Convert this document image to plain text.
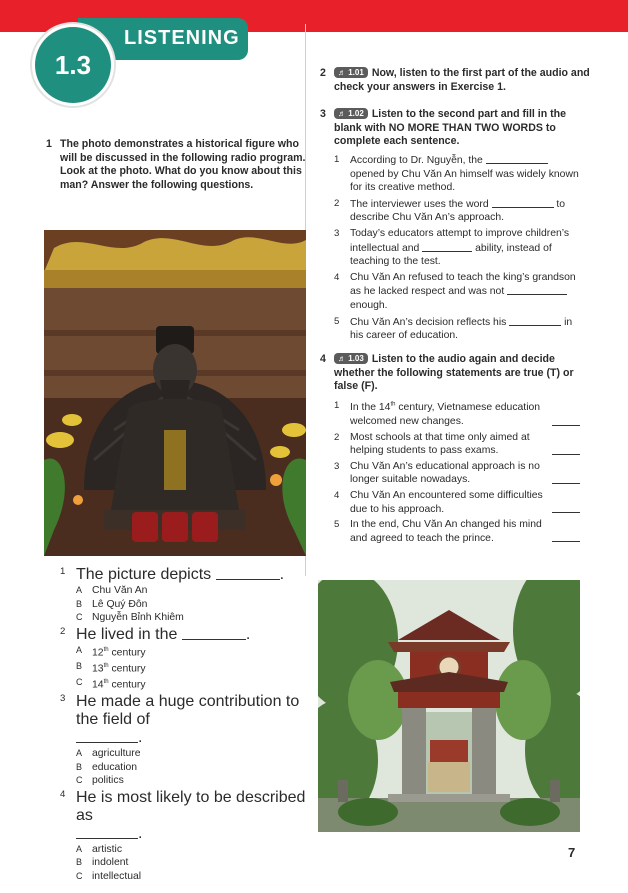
LISTENING
1.3
1 The photo demonstrates a historical figure who will be discussed in the following radio program. Look at the photo. What do you know about this man? Answer the following questions.
1 The picture depicts	.
A Chu Văn An
B Lê Quý Đôn
C Nguyễn Bỉnh Khiêm
2 He lived in the	.
A 12th century
B 13th century
C 14th century
3 He made a huge contribution to the field of
.
A agriculture
B education
C politics
4 He is most likely to be described as
.
A artistic
B indolent
C intellectual
2 ♬ 1.01 Now, listen to the first part of the audio and check your answers in Exercise 1.
3 ♬ 1.02 Listen to the second part and fill in the blank with NO MORE THAN TWO WORDS to complete each sentence.
1 According to Dr. Nguyễn, the  opened by Chu Văn An himself was widely known for its creative method.
2 The interviewer uses the word	to describe Chu Văn An’s approach.
3 Today’s educators attempt to improve children’s intellectual and	ability, instead of teaching to the test.
4 Chu Văn An refused to teach the king’s grandson as he lacked respect and was not  enough.
5 Chu Văn An’s decision reflects his	in his career of education.
4 ♬ 1.03 Listen to the audio again and decide whether the following statements are true (T) or false (F).
1 In the 14th century, Vietnamese education welcomed new changes.
2 Most schools at that time only aimed at helping students to pass exams.
3 Chu Văn An’s educational approach is no longer suitable nowadays.
4 Chu Văn An encountered some difficulties due to his approach.
5 In the end, Chu Văn An changed his mind and agreed to teach the prince.
7
